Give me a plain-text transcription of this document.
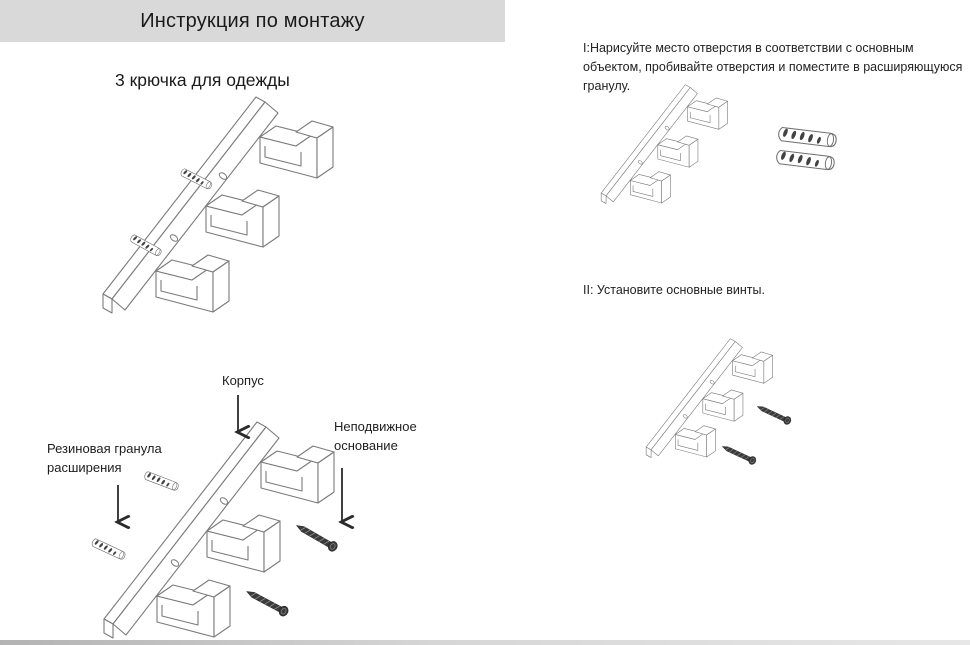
Инструкция по монтажу
3 крючка для одежды
Корпус
Резиновая гранула расширения
Неподвижное основание
I:Нарисуйте место отверстия в соответствии с основным объектом, пробивайте отверстия и поместите в расширяющуюся гранулу.
II: Установите основные винты.
